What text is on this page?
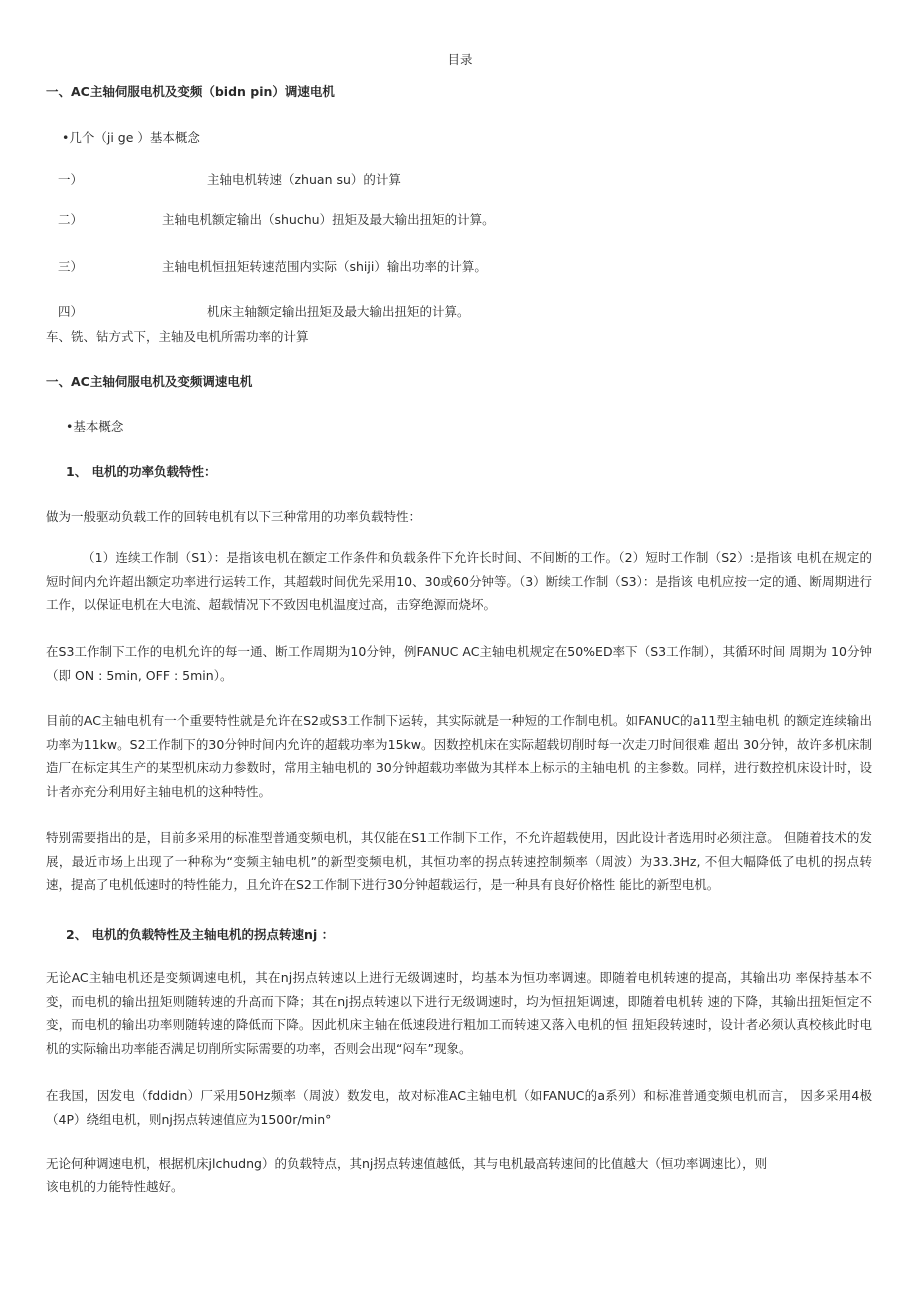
目录
一、AC主轴伺服电机及变频（bidn pin）调速电机
•几个（ji ge ）基本概念
一）	主轴电机转速（zhuan su）的计算
二）	主轴电机额定输出（shuchu）扭矩及最大输出扭矩的计算。
三）	主轴电机恒扭矩转速范围内实际（shiji）输出功率的计算。
四）	机床主轴额定输出扭矩及最大输出扭矩的计算。
车、铣、钻方式下，主轴及电机所需功率的计算
一、AC主轴伺服电机及变频调速电机
•基本概念
1、 电机的功率负载特性：
做为一般驱动负载工作的回转电机有以下三种常用的功率负载特性：

（1）连续工作制（S1）：是指该电机在额定工作条件和负载条件下允许长时间、不间断的工作。（2）短时工作制（S2）:是指该 电机在规定的短时间内允许超出额定功率进行运转工作，其超载时间优先采用10、30或60分钟等。（3）断续工作制（S3）：是指该 电机应按一定的通、断周期进行工作，以保证电机在大电流、超载情况下不致因电机温度过高，击穿绝源而烧坏。

在S3工作制下工作的电机允许的每一通、断工作周期为10分钟，例FANUC AC主轴电机规定在50%ED率下（S3工作制），其循环时间 周期为 10分钟（即 ON : 5min, OFF : 5min）。

目前的AC主轴电机有一个重要特性就是允许在S2或S3工作制下运转，其实际就是一种短的工作制电机。如FANUC的a11型主轴电机 的额定连续输出功率为11kw。S2工作制下的30分钟时间内允许的超载功率为15kw。因数控机床在实际超载切削时每一次走刀时间很难 超出 30分钟，故许多机床制造厂在标定其生产的某型机床动力参数时，常用主轴电机的 30分钟超载功率做为其样本上标示的主轴电机 的主参数。同样，进行数控机床设计时，设计者亦充分利用好主轴电机的这种特性。

特别需要指出的是，目前多采用的标准型普通变频电机，其仅能在S1工作制下工作，不允许超载使用，因此设计者选用时必须注意。 但随着技术的发展，最近市场上出现了一种称为“变频主轴电机”的新型变频电机，其恒功率的拐点转速控制频率（周波）为33.3Hz, 不但大幅降低了电机的拐点转速，提高了电机低速时的特性能力，且允许在S2工作制下进行30分钟超载运行，是一种具有良好价格性 能比的新型电机。

2、 电机的负载特性及主轴电机的拐点转速nj ：

无论AC主轴电机还是变频调速电机，其在nj拐点转速以上进行无级调速时，均基本为恒功率调速。即随着电机转速的提高，其输出功 率保持基本不变，而电机的输出扭矩则随转速的升高而下降；其在nj拐点转速以下进行无级调速时，均为恒扭矩调速，即随着电机转 速的下降，其输出扭矩恒定不变，而电机的输出功率则随转速的降低而下降。因此机床主轴在低速段进行粗加工而转速又落入电机的恒 扭矩段转速时，设计者必须认真校核此时电机的实际输出功率能否满足切削所实际需要的功率，否则会出现“闷车”现象。

在我国，因发电（fddidn）厂采用50Hz频率（周波）数发电，故对标准AC主轴电机（如FANUC的a系列）和标准普通变频电机而言， 因多采用4极（4P）绕组电机，则nj拐点转速值应为1500r/min°

无论何种调速电机，根据机床jlchudng）的负载特点，其nj拐点转速值越低，其与电机最高转速间的比值越大（恒功率调速比），则
该电机的力能特性越好。
